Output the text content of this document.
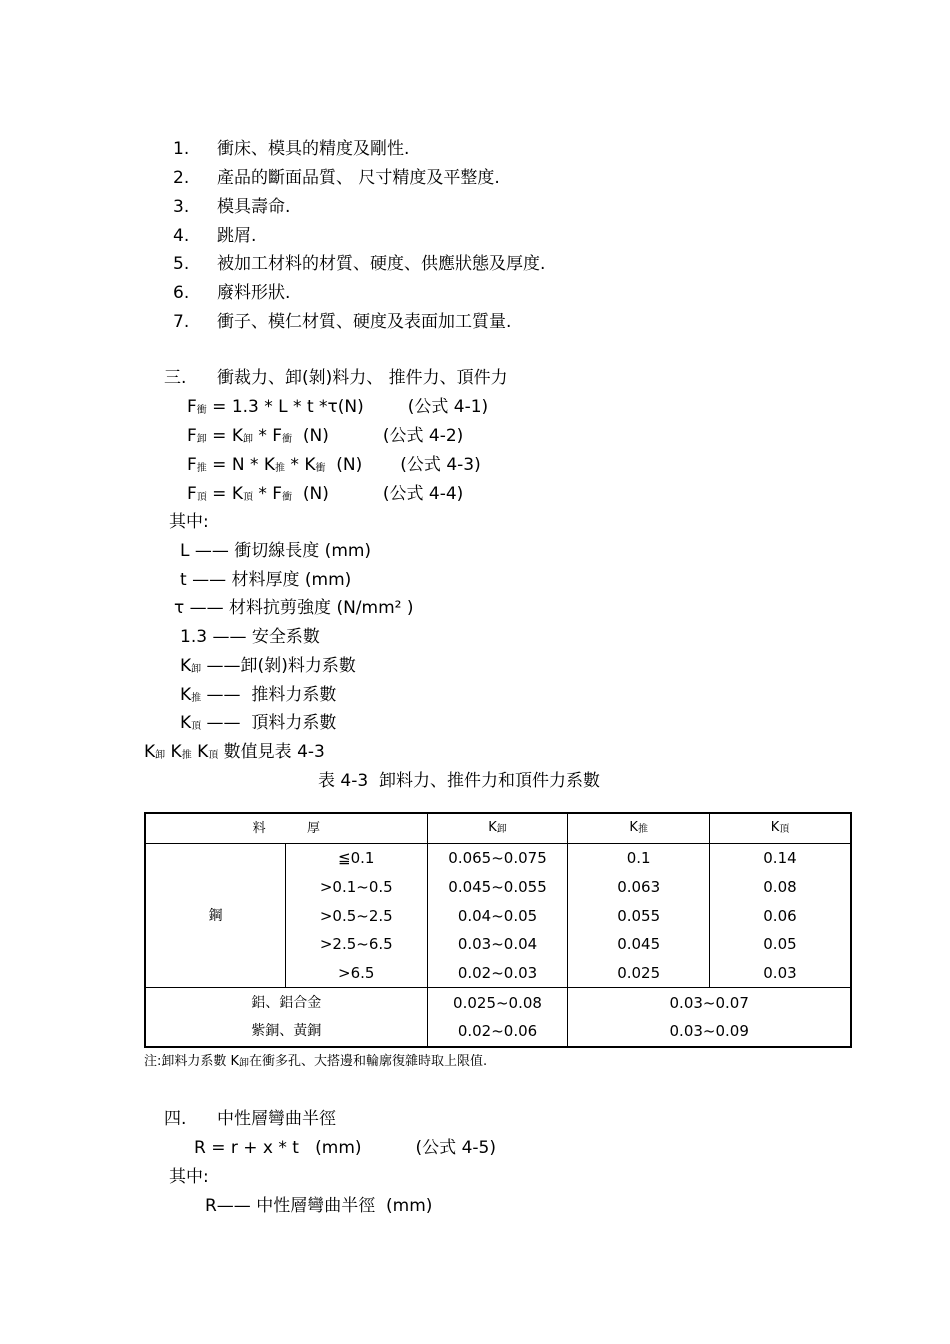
1. 衝床、模具的精度及剛性.
2. 產品的斷面品質、 尺寸精度及平整度.
3. 模具壽命.
4. 跳屑.
5. 被加工材料的材質、硬度、供應狀態及厚度.
6. 廢料形狀.
7. 衝子、模仁材質、硬度及表面加工質量.
三. 衝裁力、卸(剝)料力、 推件力、頂件力
$F_衝 = 1.3 * L * t$ *τ(N)	(公式 4-1)
$F_卸 = K_卸 * F_衝$  (N)	(公式 4-2)
$F_推 = N * K_推 * K_衝$  (N) (公式 4-3)
$F_頂 = K_頂 * F_衝$  (N)	(公式 4-4)
其中:
L —— 衝切線長度 (mm)
t —— 材料厚度 (mm)
τ —— 材料抗剪強度 (N/mm² )
1.3 —— 安全系數
$K_卸$ ——卸(剝)料力系數
$K_推$ ——  推料力系數
$K_頂$ ——  頂料力系數
$K_卸$ $K_推$ $K_頂$ 數值見表 4-3
表 4-3  卸料力、推件力和頂件力系數
料          厚		$K_卸$	$K_推$	$K_頂$
鋼	≦0.1	0.065~0.075	0.1	0.14
	>0.1~0.5	0.045~0.055	0.063	0.08
	>0.5~2.5	0.04~0.05	0.055	0.06
	>2.5~6.5	0.03~0.04	0.045	0.05
	>6.5	0.02~0.03	0.025	0.03
鋁、鋁合金		0.025~0.08	0.03~0.07	
紫銅、黃銅		0.02~0.06	0.03~0.09	
注:卸料力系數 $K_卸$在衝多孔、大搭邊和輪廓復雜時取上限值.
四. 中性層彎曲半徑
R = r + x * t   (mm)	(公式 4-5)
其中:
R—— 中性層彎曲半徑  (mm)
